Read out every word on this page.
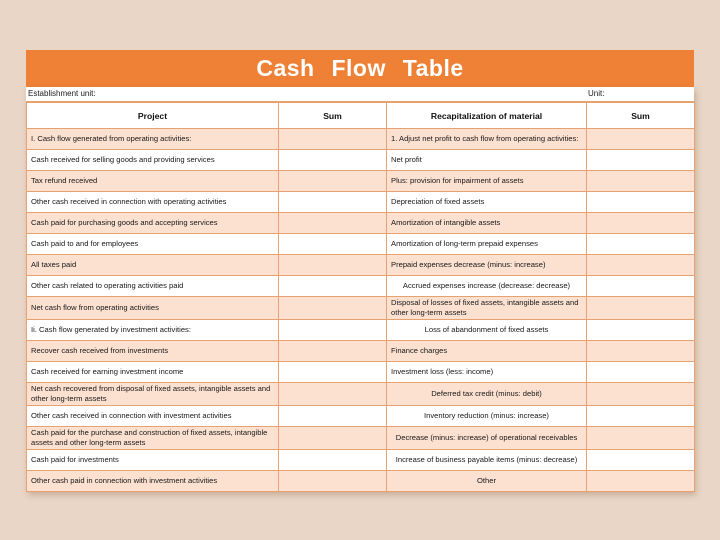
Cash Flow Table
Establishment unit:	Unit:
Project	Sum	Recapitalization of material	Sum
I. Cash flow generated from operating activities:		1. Adjust net profit to cash flow from operating activities:	
Cash received for selling goods and providing services		Net profit	
Tax refund received		Plus: provision for impairment of assets	
Other cash received in connection with operating activities		Depreciation of fixed assets	
Cash paid for purchasing goods and accepting services		Amortization of intangible assets	
Cash paid to and for employees		Amortization of long-term prepaid expenses	
All taxes paid		Prepaid expenses decrease (minus: increase)	
Other cash related to operating activities paid		Accrued expenses increase (decrease: decrease)	
Net cash flow from operating activities		Disposal of losses of fixed assets, intangible assets and other long-term assets	
Ii. Cash flow generated by investment activities:		Loss of abandonment of fixed assets	
Recover cash received from investments		Finance charges	
Cash received for earning investment income		Investment loss (less: income)	
Net cash recovered from disposal of fixed assets, intangible assets and other long-term assets		Deferred tax credit (minus: debit)	
Other cash received in connection with investment activities		Inventory reduction (minus: increase)	
Cash paid for the purchase and construction of fixed assets, intangible assets and other long-term assets		Decrease (minus: increase) of operational receivables	
Cash paid for investments		Increase of business payable items (minus: decrease)	
Other cash paid in connection with investment activities		Other	
